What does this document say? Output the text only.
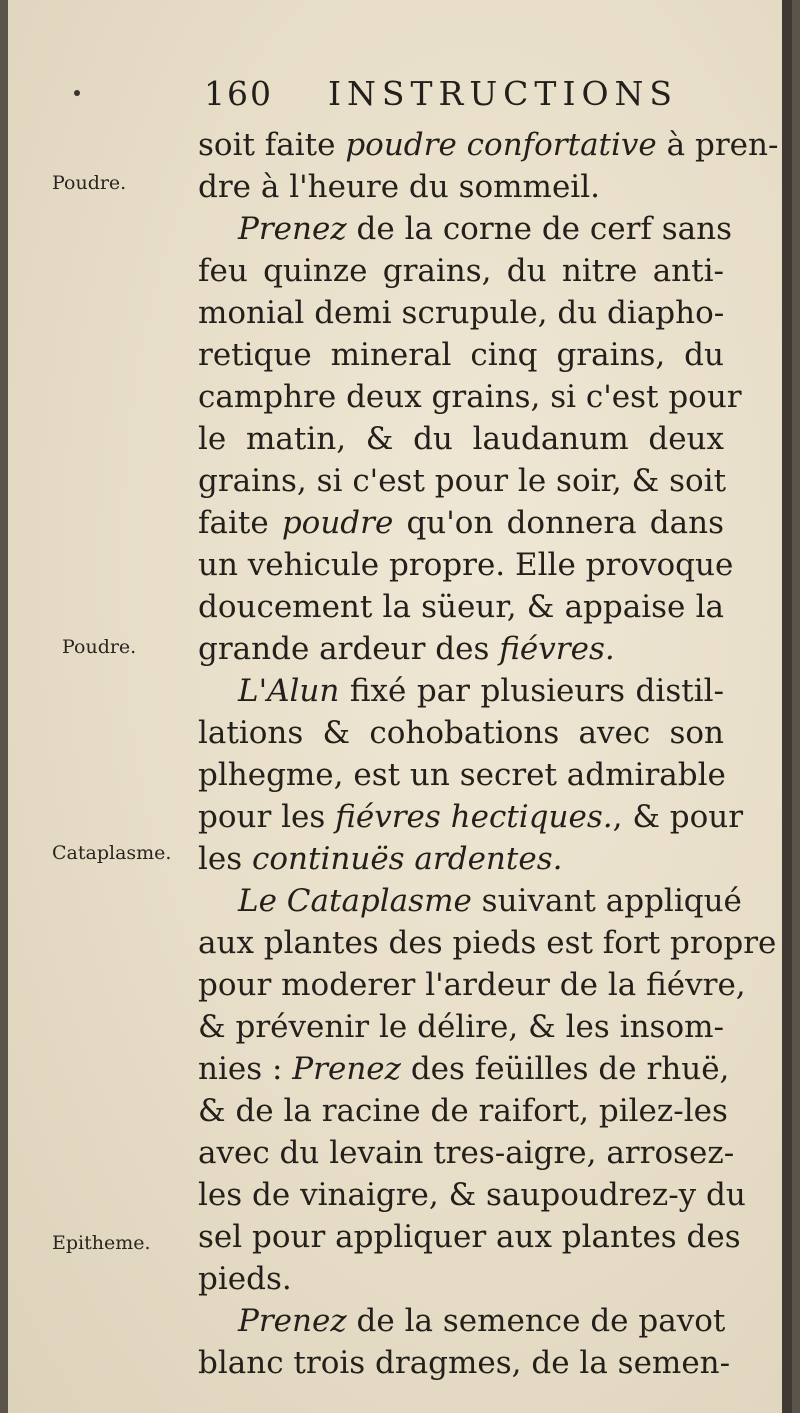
160 INSTRUCTIONS
Poudre.
Poudre.
Cataplasme.
Epitheme.
soit faite poudre confortative à pren-
dre à l'heure du sommeil.
Prenez de la corne de cerf sans
feu quinze grains, du nitre anti-
monial demi scrupule, du diapho-
retique mineral cinq grains, du
camphre deux grains, si c'est pour
le matin, & du laudanum deux
grains, si c'est pour le soir, & soit
faite poudre qu'on donnera dans
un vehicule propre. Elle provoque
doucement la süeur, & appaise la
grande ardeur des fiévres.
L'Alun fixé par plusieurs distil-
lations & cohobations avec son
plhegme, est un secret admirable
pour les fiévres hectiques., & pour
les continuës ardentes.
Le Cataplasme suivant appliqué
aux plantes des pieds est fort propre
pour moderer l'ardeur de la fiévre,
& prévenir le délire, & les insom-
nies : Prenez des feüilles de rhuë,
& de la racine de raifort, pilez-les
avec du levain tres-aigre, arrosez-
les de vinaigre, & saupoudrez-y du
sel pour appliquer aux plantes des
pieds.
Prenez de la semence de pavot
blanc trois dragmes, de la semen-
